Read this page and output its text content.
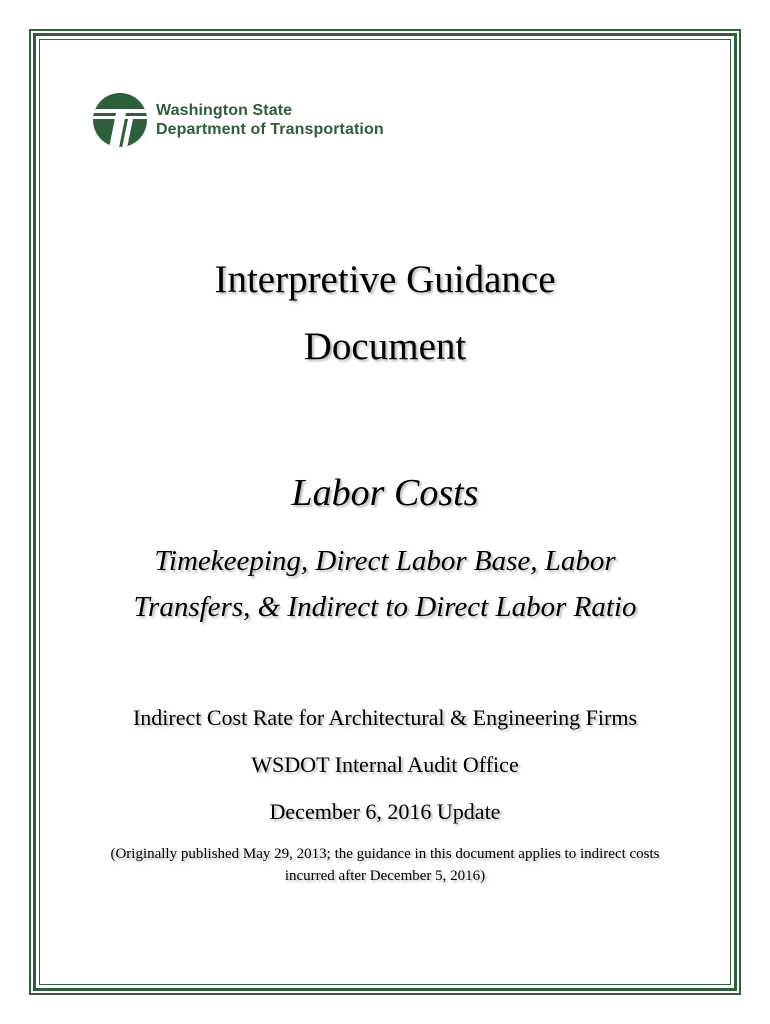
Washington State
Department of Transportation
Interpretive Guidance
Document
Labor Costs
Timekeeping, Direct Labor Base, Labor
Transfers, & Indirect to Direct Labor Ratio
Indirect Cost Rate for Architectural & Engineering Firms
WSDOT Internal Audit Office
December 6, 2016 Update
(Originally published May 29, 2013; the guidance in this document applies to indirect costs incurred after December 5, 2016)
